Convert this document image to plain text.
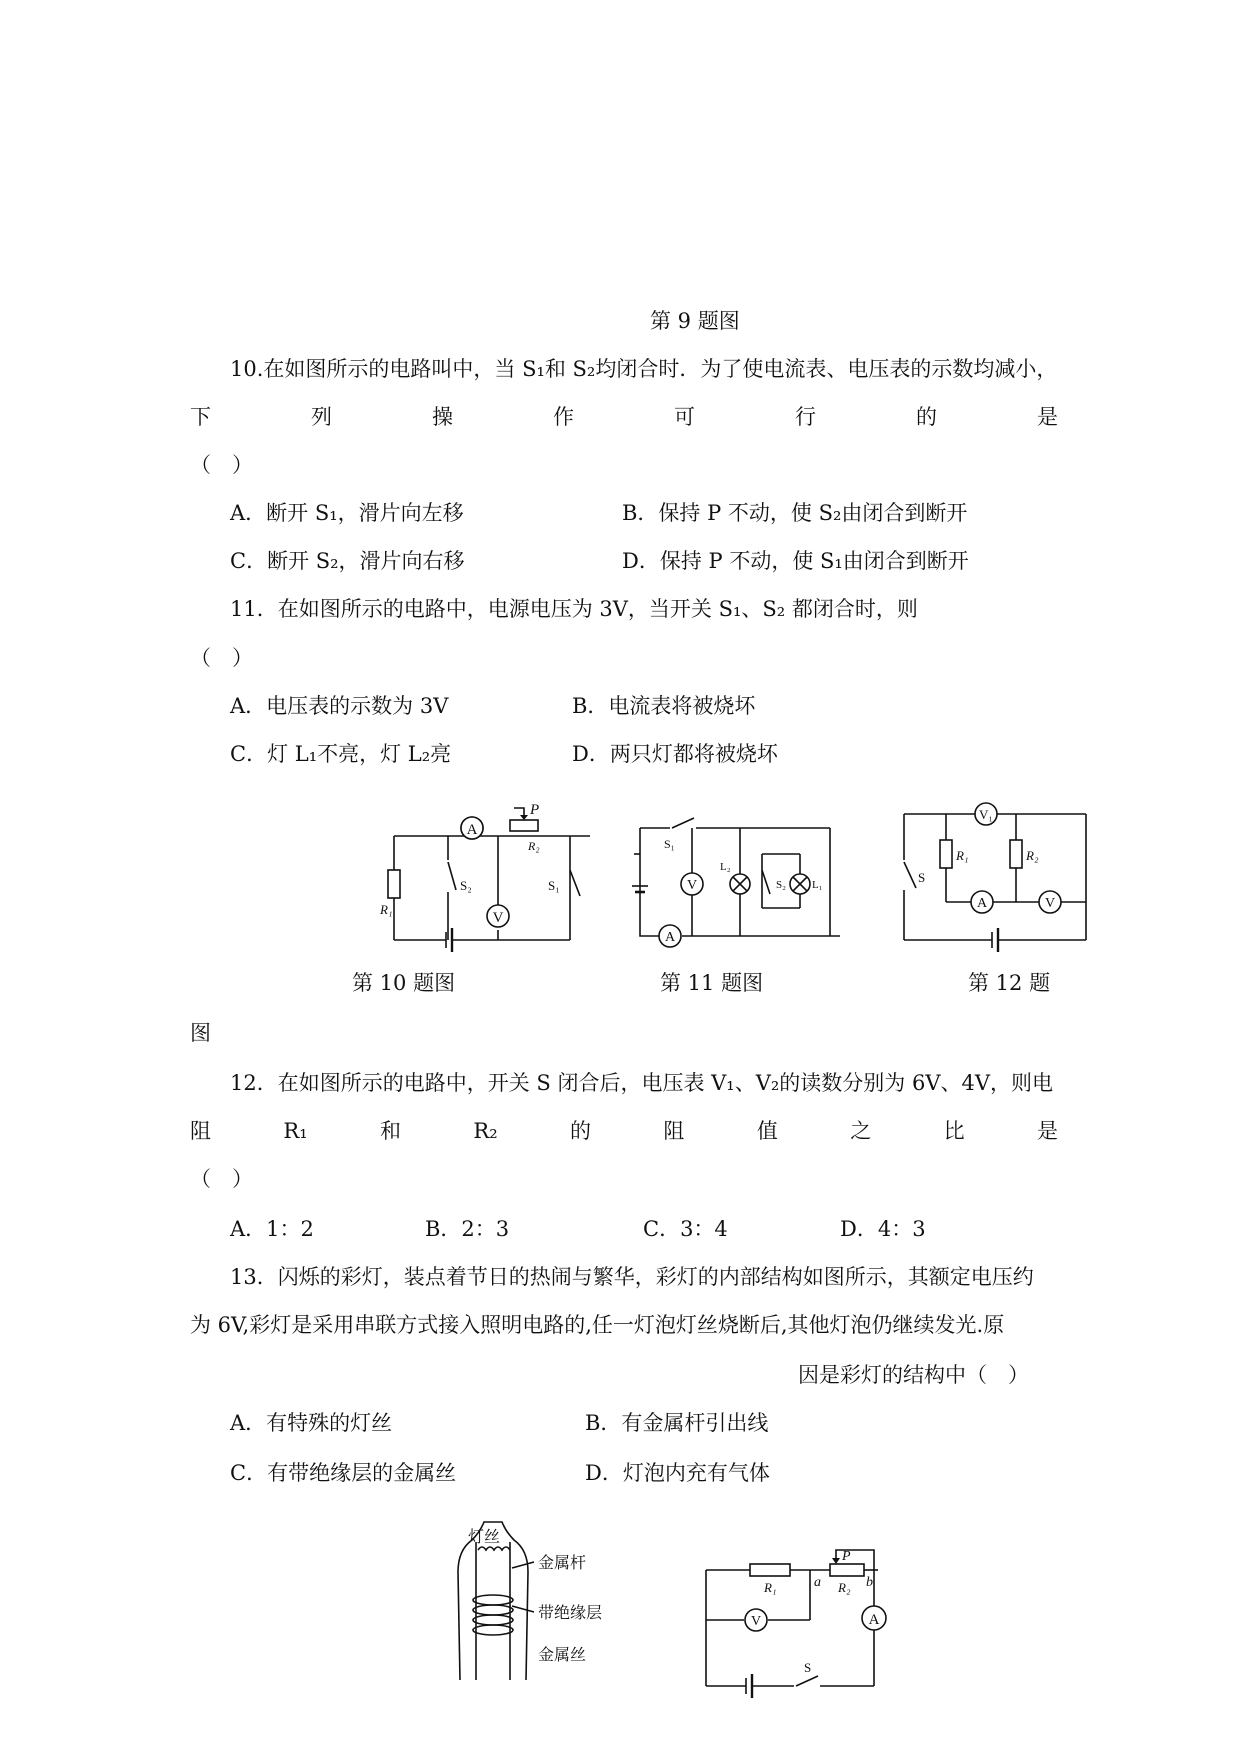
第 9 题图
10.在如图所示的电路叫中，当 S₁和 S₂均闭合时．为了使电流表、电压表的示数均减小，
下	列	操	作	可	行	的	是
（　）
A．断开 S₁，滑片向左移	B．保持 P 不动，使 S₂由闭合到断开
C．断开 S₂，滑片向右移	D．保持 P 不动，使 S₁由闭合到断开
11．在如图所示的电路中，电源电压为 3V，当开关 S₁、S₂ 都闭合时，则
（　）
A．电压表的示数为 3V	B．电流表将被烧坏
C．灯 L₁不亮，灯 L₂亮	D．两只灯都将被烧坏
A
V
P
R₁
R₂
S₂	S₁	V
A
S₁
L₂
S₂ L₁
V₁
A	V
R₁	R₂
S
第 10 题图	第 11 题图	第 12 题
图
12．在如图所示的电路中，开关 S 闭合后，电压表 V₁、V₂的读数分别为 6V、4V，则电
阻	R₁	和	R₂	的	阻	值	之	比	是
（　）
A．1：2	B．2：3	C．3：4	D．4：3
13．闪烁的彩灯，装点着节日的热闹与繁华，彩灯的内部结构如图所示，其额定电压约
为 6V,彩灯是采用串联方式接入照明电路的,任一灯泡灯丝烧断后,其他灯泡仍继续发光.原
因是彩灯的结构中（　）
A．有特殊的灯丝	B．有金属杆引出线
C．有带绝缘层的金属丝	D．灯泡内充有气体
灯丝
金属杆
带绝缘层
金属丝
V	A
R₁	R₂
P
a	b
S
